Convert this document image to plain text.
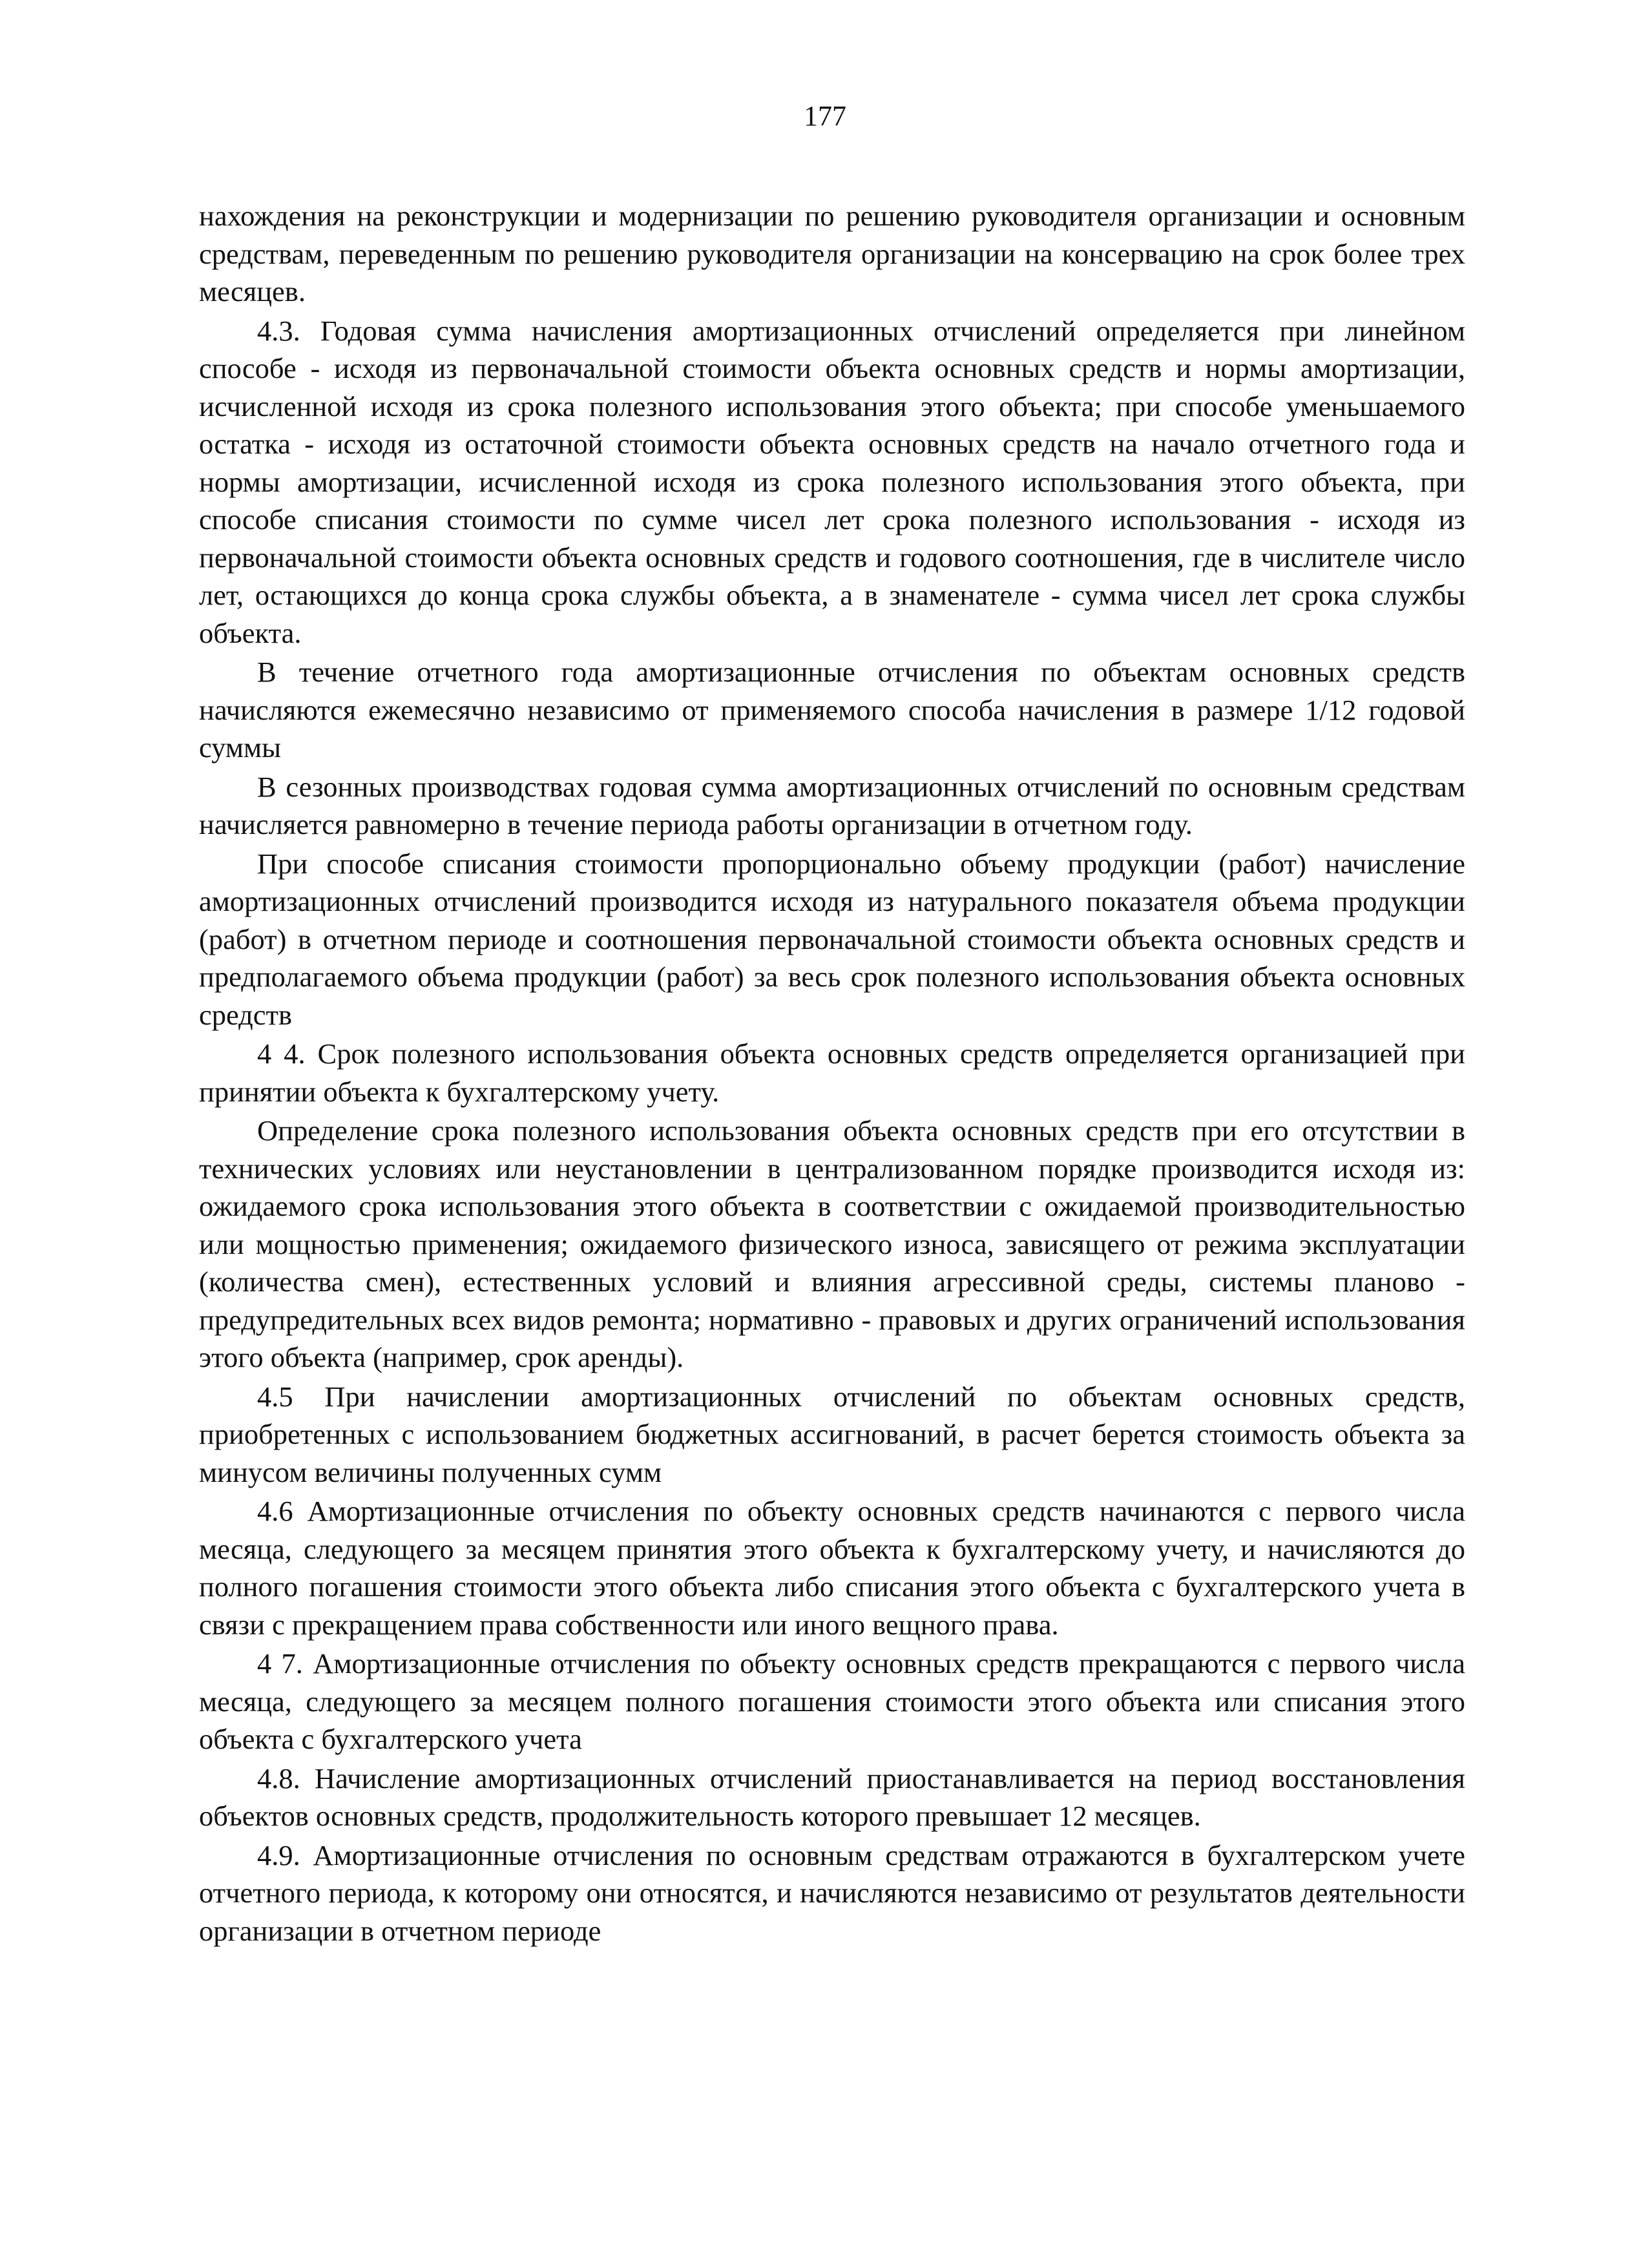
177

нахождения на реконструкции и модернизации по решению руководителя организации и основным средствам, переведенным по решению руководителя организации на консервацию на срок более трех месяцев.

4.3. Годовая сумма начисления амортизационных отчислений определяется при линейном способе - исходя из первоначальной стоимости объекта основных средств и нормы амортизации, исчисленной исходя из срока полезного использования этого объекта; при способе уменьшаемого остатка - исходя из остаточной стоимости объекта основных средств на начало отчетного года и нормы амортизации, исчисленной исходя из срока полезного использования этого объекта, при способе списания стоимости по сумме чисел лет срока полезного использования - исходя из первоначальной стоимости объекта основных средств и годового соотношения, где в числителе число лет, остающихся до конца срока службы объекта, а в знаменателе - сумма чисел лет срока службы объекта.

В течение отчетного года амортизационные отчисления по объектам основных средств начисляются ежемесячно независимо от применяемого способа начисления в размере 1/12 годовой суммы

В сезонных производствах годовая сумма амортизационных отчислений по основным средствам начисляется равномерно в течение периода работы организации в отчетном году.

При способе списания стоимости пропорционально объему продукции (работ) начисление амортизационных отчислений производится исходя из натурального показателя объема продукции (работ) в отчетном периоде и соотношения первоначальной стоимости объекта основных средств и предполагаемого объема продукции (работ) за весь срок полезного использования объекта основных средств

4 4. Срок полезного использования объекта основных средств определяется организацией при принятии объекта к бухгалтерскому учету.

Определение срока полезного использования объекта основных средств при его отсутствии в технических условиях или неустановлении в централизованном порядке производится исходя из: ожидаемого срока использования этого объекта в соответствии с ожидаемой производительностью или мощностью применения; ожидаемого физического износа, зависящего от режима эксплуатации (количества смен), естественных условий и влияния агрессивной среды, системы планово - предупредительных всех видов ремонта; нормативно - правовых и других ограничений использования этого объекта (например, срок аренды).

4.5 При начислении амортизационных отчислений по объектам основных средств, приобретенных с использованием бюджетных ассигнований, в расчет берется стоимость объекта за минусом величины полученных сумм

4.6 Амортизационные отчисления по объекту основных средств начинаются с первого числа месяца, следующего за месяцем принятия этого объекта к бухгалтерскому учету, и начисляются до полного погашения стоимости этого объекта либо списания этого объекта с бухгалтерского учета в связи с прекращением права собственности или иного вещного права.

4 7. Амортизационные отчисления по объекту основных средств прекращаются с первого числа месяца, следующего за месяцем полного погашения стоимости этого объекта или списания этого объекта с бухгалтерского учета

4.8. Начисление амортизационных отчислений приостанавливается на период восстановления объектов основных средств, продолжительность которого превышает 12 месяцев.

4.9. Амортизационные отчисления по основным средствам отражаются в бухгалтерском учете отчетного периода, к которому они относятся, и начисляются независимо от результатов деятельности организации в отчетном периоде
